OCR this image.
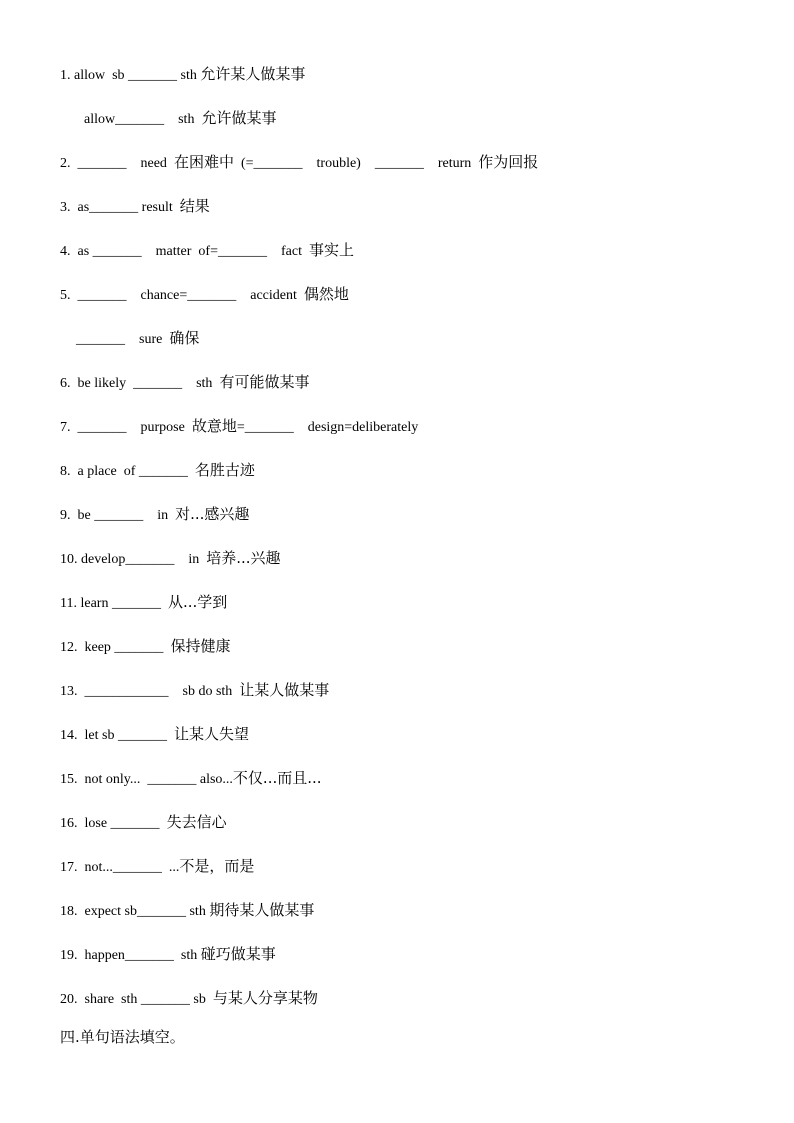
1. allow  sb _______ sth 允许某人做某事
allow_______    sth  允许做某事
2.  _______    need  在困难中  (=_______    trouble)    _______    return  作为回报
3.  as_______ result  结果
4.  as _______    matter  of=_______    fact  事实上
5.  _______    chance=_______    accident  偶然地
_______    sure  确保
6.  be likely  _______    sth  有可能做某事
7.  _______    purpose  故意地=_______    design=deliberately
8.  a place  of _______  名胜古迹
9.  be _______    in  对...感兴趣
10. develop_______    in  培养...兴趣
11. learn _______  从...学到
12.  keep _______  保持健康
13.  ____________    sb do sth  让某人做某事
14.  let sb _______  让某人失望
15.  not only...  _______ also...不仅...而且...
16.  lose _______  失去信心
17.  not..._______  ...不是，而是
18.  expect sb_______ sth 期待某人做某事
19.  happen_______  sth 碰巧做某事
20.  share  sth _______ sb  与某人分享某物
四.单句语法填空。
